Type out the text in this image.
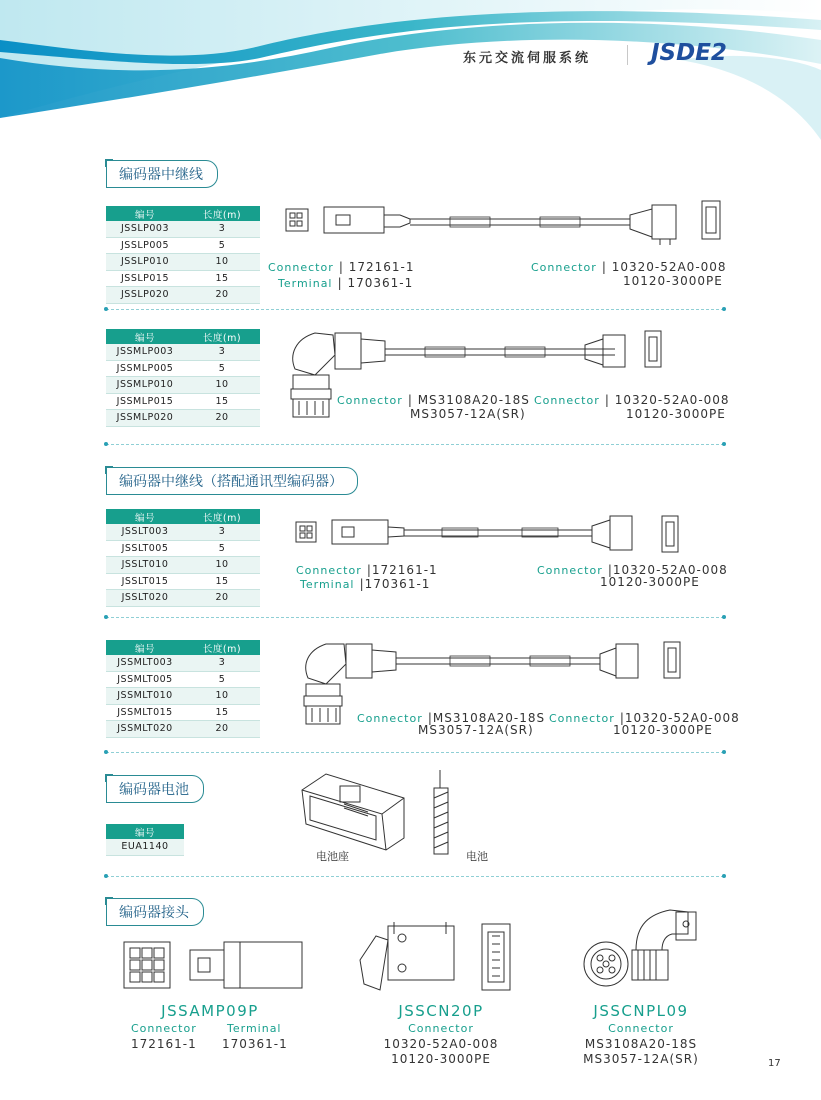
东元交流伺服系统	JSDE2
编码器中继线
编号	长度(m)
JSSLP003	3
JSSLP005	5
JSSLP010	10
JSSLP015	15
JSSLP020	20
Connector | 172161-1
Terminal | 170361-1
Connector | 10320-52A0-008
10120-3000PE
编号	长度(m)
JSSMLP003	3
JSSMLP005	5
JSSMLP010	10
JSSMLP015	15
JSSMLP020	20
Connector | MS3108A20-18S
MS3057-12A(SR)
Connector | 10320-52A0-008
10120-3000PE
编码器中继线（搭配通讯型编码器）
编号	长度(m)
JSSLT003	3
JSSLT005	5
JSSLT010	10
JSSLT015	15
JSSLT020	20
Connector |172161-1
Terminal |170361-1
Connector |10320-52A0-008
10120-3000PE
编号	长度(m)
JSSMLT003	3
JSSMLT005	5
JSSMLT010	10
JSSMLT015	15
JSSMLT020	20
Connector |MS3108A20-18S
MS3057-12A(SR)
Connector |10320-52A0-008
10120-3000PE
编码器电池
编号
EUA1140
电池座	电池
编码器接头
JSSAMP09P
Connector	Terminal
172161-1 170361-1
JSSCN20P
Connector
10320-52A0-008
10120-3000PE
JSSCNPL09
Connector
MS3108A20-18S
MS3057-12A(SR)	17
